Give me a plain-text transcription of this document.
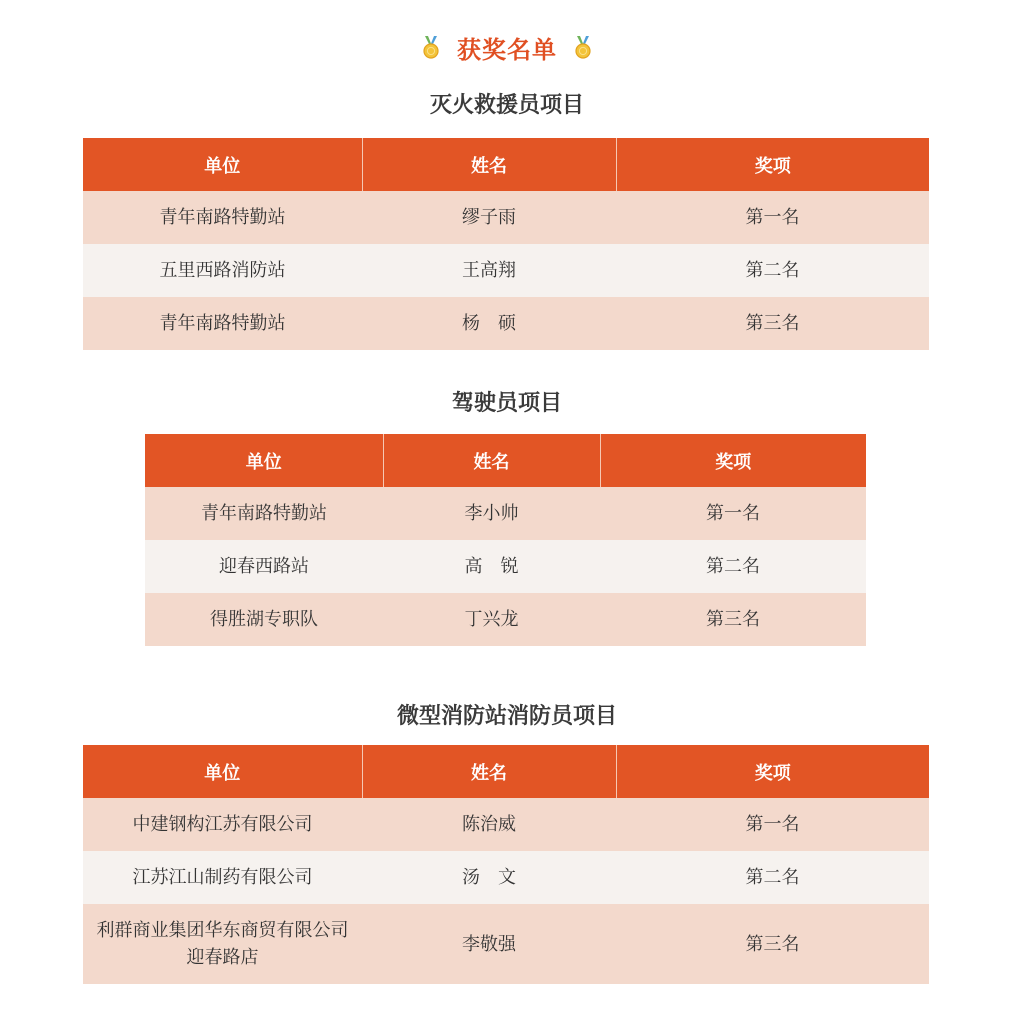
获奖名单
灭火救援员项目
单位	姓名	奖项
青年南路特勤站	缪子雨	第一名
五里西路消防站	王高翔	第二名
青年南路特勤站	杨　硕	第三名
驾驶员项目
单位	姓名	奖项
青年南路特勤站	李小帅	第一名
迎春西路站	高　锐	第二名
得胜湖专职队	丁兴龙	第三名
微型消防站消防员项目
单位	姓名	奖项
中建钢构江苏有限公司	陈治威	第一名
江苏江山制药有限公司	汤　文	第二名
利群商业集团华东商贸有限公司迎春路店	李敬强	第三名
